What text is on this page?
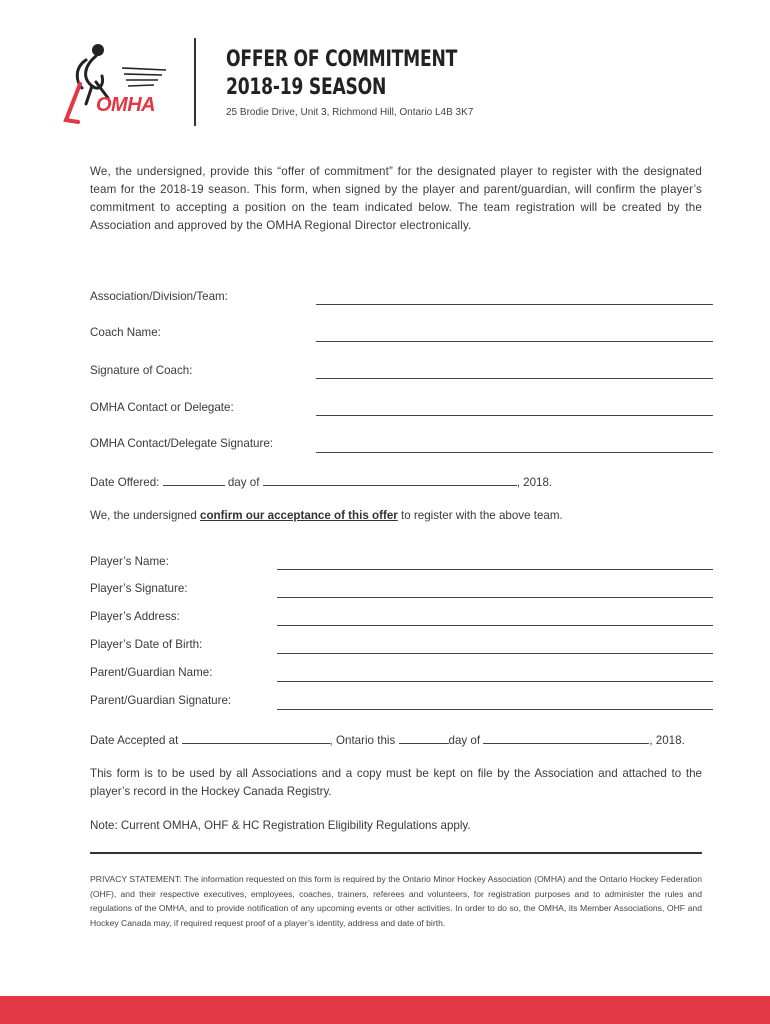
OMHA
OFFER OF COMMITMENT
2018-19 SEASON
25 Brodie Drive, Unit 3, Richmond Hill, Ontario L4B 3K7
We, the undersigned, provide this “offer of commitment” for the designated player to register with the designated team for the 2018-19 season. This form, when signed by the player and parent/guardian, will confirm the player’s commitment to accepting a position on the team indicated below. The team registration will be created by the Association and approved by the OMHA Regional Director electronically.
Association/Division/Team:
Coach Name:
Signature of Coach:
OMHA Contact or Delegate:
OMHA Contact/Delegate Signature:
Date Offered:	day of	, 2018.
We, the undersigned confirm our acceptance of this offer to register with the above team.
Player’s Name:
Player’s Signature:
Player’s Address:
Player’s Date of Birth:
Parent/Guardian Name:
Parent/Guardian Signature:
Date Accepted at	, Ontario this	day of	, 2018.
This form is to be used by all Associations and a copy must be kept on file by the Association and attached to the player’s record in the Hockey Canada Registry.
Note: Current OMHA, OHF & HC Registration Eligibility Regulations apply.
PRIVACY STATEMENT: The information requested on this form is required by the Ontario Minor Hockey Association (OMHA) and the Ontario Hockey Federation (OHF), and their respective executives, employees, coaches, trainers, referees and volunteers, for registration purposes and to administer the rules and regulations of the OMHA, and to provide notification of any upcoming events or other activities. In order to do so, the OMHA, its Member Associations, OHF and Hockey Canada may, if required request proof of a player’s identity, address and date of birth.
